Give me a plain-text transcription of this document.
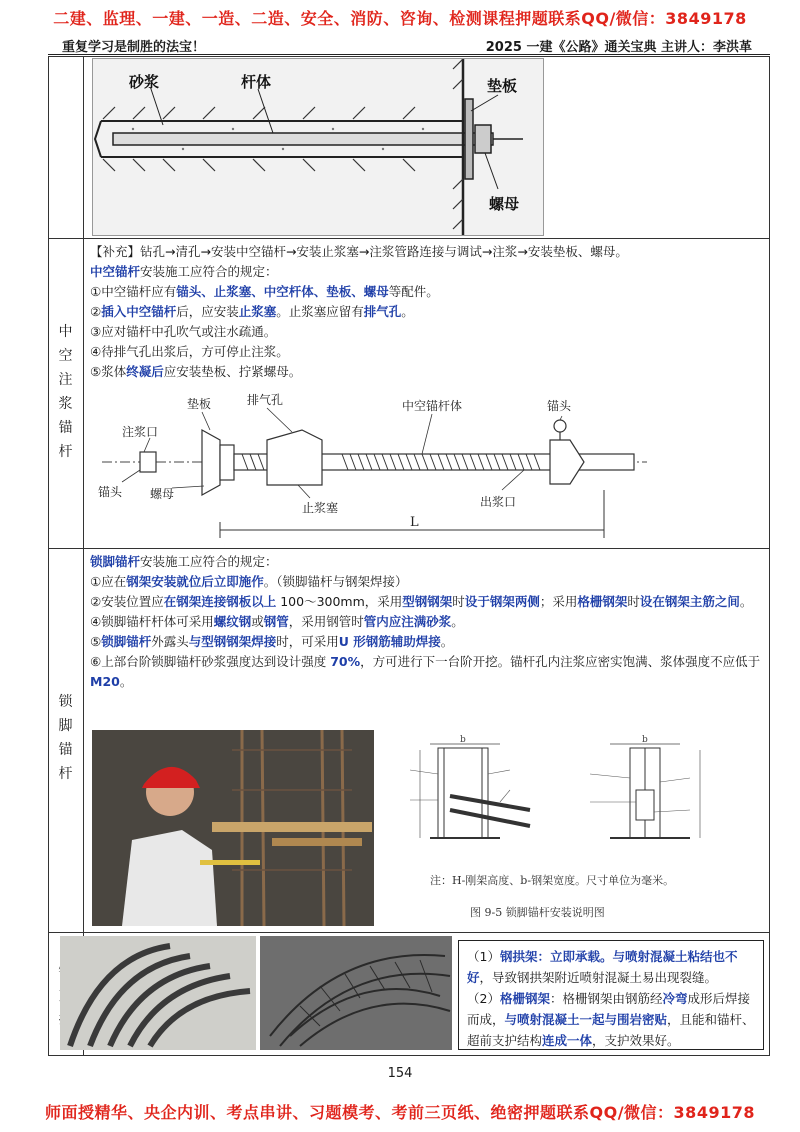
二建、监理、一建、一造、二造、安全、消防、咨询、检测课程押题联系QQ/微信：3849178
重复学习是制胜的法宝！	2025 一建《公路》通关宝典 主讲人：李洪革
砂浆	杆体	垫板
螺母
中
空
注
浆
锚
杆

【补充】钻孔→清孔→安装中空锚杆→安装止浆塞→注浆管路连接与调试→注浆→安装垫板、螺母。

中空锚杆安装施工应符合的规定：

①中空锚杆应有锚头、止浆塞、中空杆体、垫板、螺母等配件。

②插入中空锚杆后，应安装止浆塞。止浆塞应留有排气孔。

③应对锚杆中孔吹气或注水疏通。

④待排气孔出浆后，方可停止注浆。

⑤浆体终凝后应安装垫板、拧紧螺母。

注浆口
垫板	排气孔	中空锚杆体	锚头
锚头 螺母
止浆塞	出浆口
L
锁
脚
锚
杆

锁脚锚杆安装施工应符合的规定：

①应在钢架安装就位后立即施作。（锁脚锚杆与钢架焊接）

②安装位置应在钢架连接钢板以上 100～300mm，采用型钢钢架时设于钢架两侧；采用格栅钢架时设在钢架主筋之间。

④锁脚锚杆杆体可采用螺纹钢或钢管，采用钢管时管内应注满砂浆。

⑤锁脚锚杆外露头与型钢钢架焊接时，可采用U 形钢筋辅助焊接。

⑥上部台阶锁脚锚杆砂浆强度达到设计强度 70%，方可进行下一台阶开挖。锚杆孔内注浆应密实饱满、浆体强度不应低于 M20。

b	b
注：H-刚架高度、b-钢架宽度。尺寸单位为毫米。
图 9-5 锁脚锚杆安装说明图
（1）钢拱架：立即承载。与喷射混凝土粘结也不好，导致钢拱架附近喷射混凝土易出现裂缝。
（2）格栅钢架：格栅钢架由钢筋经冷弯成形后焊接而成，与喷射混凝土一起与围岩密贴，且能和锚杆、超前支护结构连成一体，支护效果好。
154
师面授精华、央企内训、考点串讲、习题模考、考前三页纸、绝密押题联系QQ/微信：3849178
